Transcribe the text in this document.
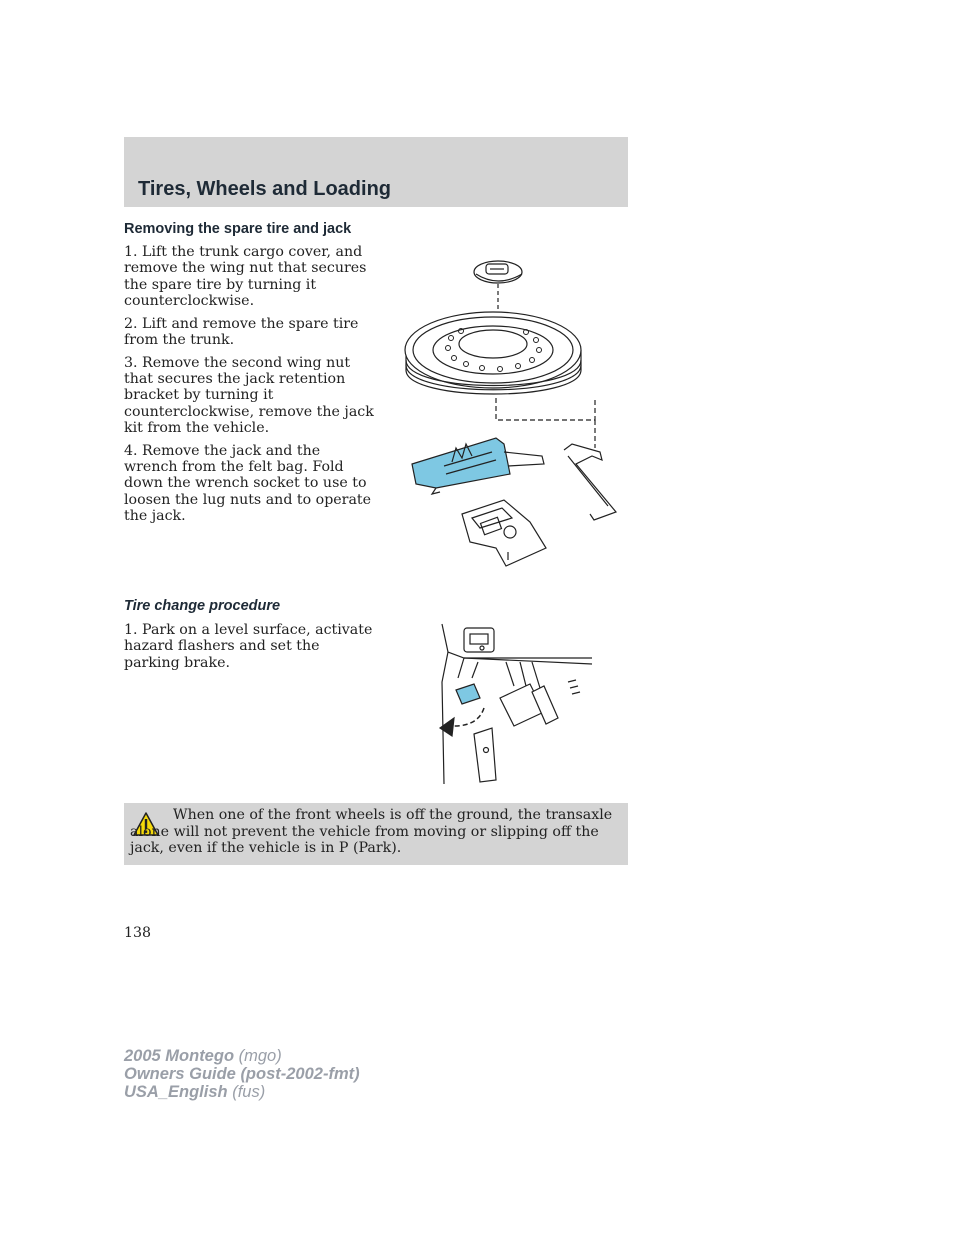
Tires, Wheels and Loading
Removing the spare tire and jack

1. Lift the trunk cargo cover, and remove the wing nut that secures the spare tire by turning it counterclockwise.

2. Lift and remove the spare tire from the trunk.

3. Remove the second wing nut that secures the jack retention bracket by turning it counterclockwise, remove the jack kit from the vehicle.

4. Remove the jack and the wrench from the felt bag. Fold down the wrench socket to use to loosen the lug nuts and to operate the jack.

Tire change procedure

1. Park on a level surface, activate hazard flashers and set the parking brake.

When one of the front wheels is off the ground, the transaxle alone will not prevent the vehicle from moving or slipping off the jack, even if the vehicle is in P (Park).

138

2005 Montego (mgo)
Owners Guide (post-2002-fmt)
USA_English (fus)
